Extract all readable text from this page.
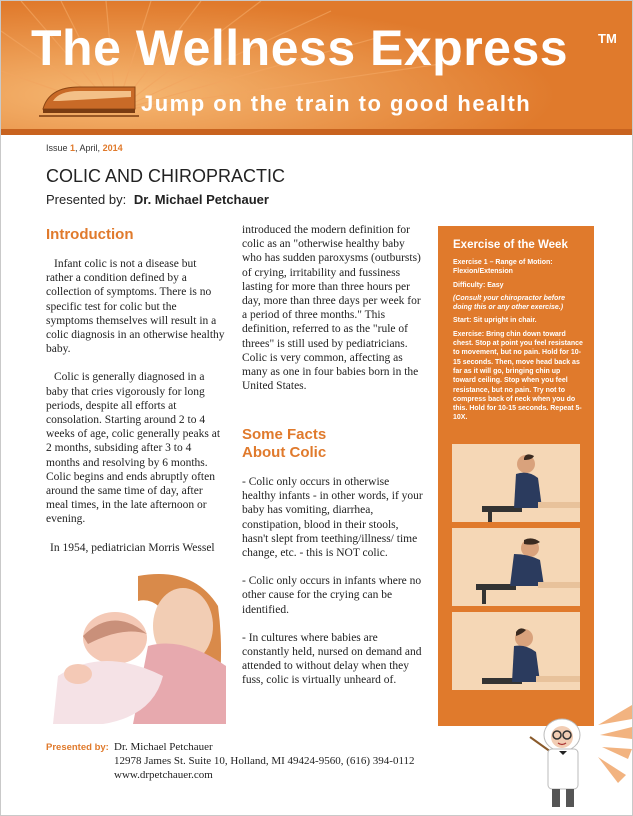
The Wellness Express TM
Jump on the train to good health
Issue 1, April, 2014
COLIC AND CHIROPRACTIC
Presented by: Dr. Michael Petchauer
Introduction

Infant colic is not a disease but rather a condition defined by a collection of symptoms. There is no specific test for colic but the symptoms themselves will result in a colic diagnosis in an otherwise healthy baby.

Colic is generally diagnosed in a baby that cries vigorously for long periods, despite all efforts at consolation. Starting around 2 to 4 weeks of age, colic generally peaks at 2 months, subsiding after 3 to 4 months and resolving by 6 months. Colic begins and ends abruptly often around the same time of day, after meal times, in the late afternoon or evening.

In 1954, pediatrician Morris Wessel

introduced the modern definition for colic as an "otherwise healthy baby who has sudden paroxysms (outbursts) of crying, irritability and fussiness lasting for more than three hours per day, more than three days per week for a period of three months." This definition, referred to as the "rule of threes" is still used by pediatricians. Colic is very common, affecting as many as one in four babies born in the United States.

Some Facts
About Colic

- Colic only occurs in otherwise healthy infants - in other words, if your baby has vomiting, diarrhea, constipation, blood in their stools, hasn't slept from teething/illness/ time change, etc. - this is NOT colic.

- Colic only occurs in infants where no other cause for the crying can be identified.

- In cultures where babies are constantly held, nursed on demand and attended to without delay when they fuss, colic is virtually unheard of.

Exercise of the Week

Exercise 1 – Range of Motion: Flexion/Extension

Difficulty: Easy

(Consult your chiropractor before doing this or any other exercise.)

Start: Sit upright in chair.

Exercise: Bring chin down toward chest. Stop at point you feel resistance to movement, but no pain. Hold for 10-15 seconds. Then, move head back as far as it will go, bringing chin up toward ceiling. Stop when you feel resistance, but no pain. Try not to compress back of neck when you do this. Hold for 10-15 seconds. Repeat 5-10X.

Presented by: Dr. Michael Petchauer
12978 James St. Suite 10, Holland, MI 49424-9560, (616) 394-0112
www.drpetchauer.com
